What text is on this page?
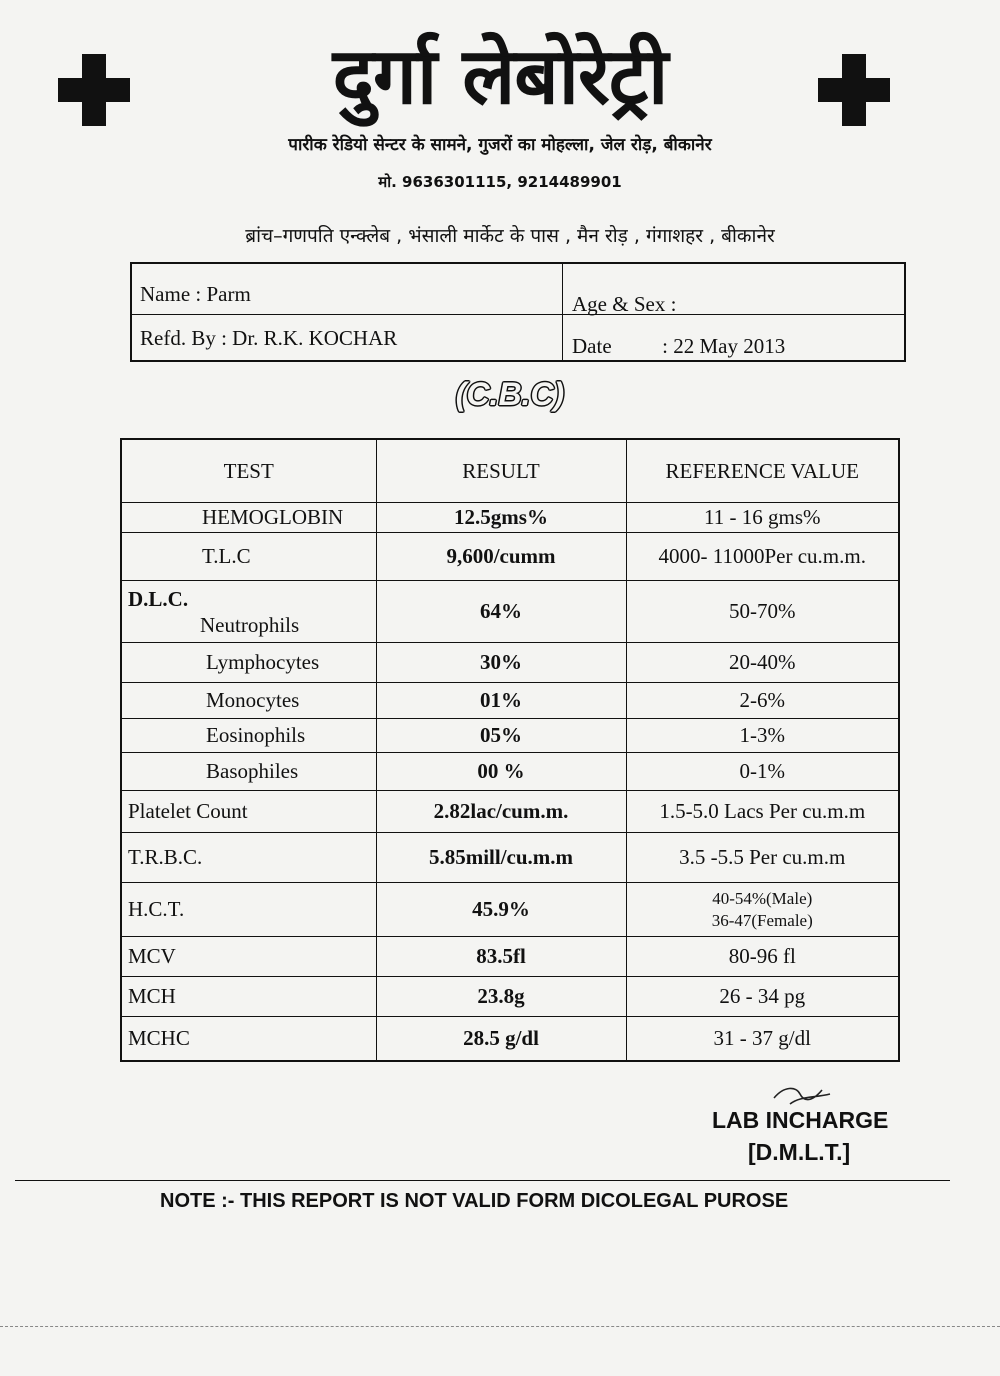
दुर्गा लेबोरेट्री
पारीक रेडियो सेन्टर के सामने, गुजरों का मोहल्ला, जेल रोड़, बीकानेर
मो. 9636301115, 9214489901
ब्रांच–गणपति एन्क्लेब , भंसाली मार्केट के पास , मैन रोड़ , गंगाशहर , बीकानेर
Name : Parm	Age & Sex :
Refd. By : Dr. R.K. KOCHAR	Date : 22 May 2013
(C.B.C)
TEST	RESULT	REFERENCE VALUE
HEMOGLOBIN	12.5gms%	11 - 16 gms%
T.L.C	9,600/cumm	4000- 11000Per cu.m.m.

D.L.C.
Neutrophils	64%	50-70%
Lymphocytes	30%	20-40%
Monocytes	01%	2-6%
Eosinophils	05%	1-3%
Basophiles	00 %	0-1%
Platelet Count	2.82lac/cum.m.	1.5-5.0 Lacs Per cu.m.m
T.R.B.C.	5.85mill/cu.m.m	3.5 -5.5 Per cu.m.m
H.C.T.	45.9%	40-54%(Male)
36-47(Female)

MCV	83.5fl	80-96 fl
MCH	23.8g	26 - 34 pg
MCHC	28.5 g/dl	31 - 37 g/dl
LAB INCHARGE
[D.M.L.T.]
NOTE :- THIS REPORT IS NOT VALID FORM DICOLEGAL PUROSE
